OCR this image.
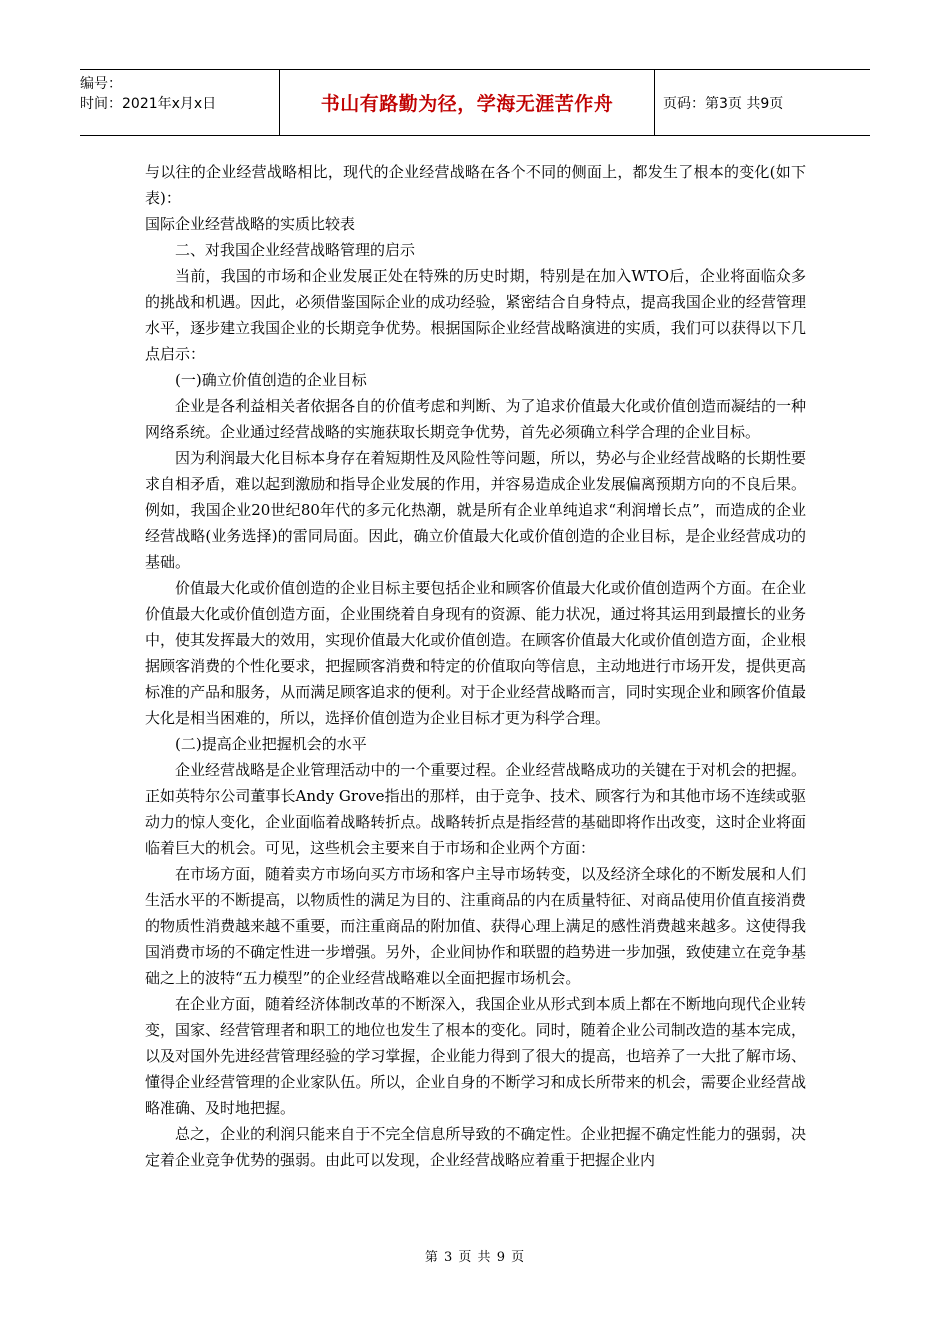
编号：
时间：2021年x月x日	书山有路勤为径，学海无涯苦作舟	页码：第3页 共9页

与以往的企业经营战略相比，现代的企业经营战略在各个不同的侧面上，都发生了根本的变化(如下表)：

国际企业经营战略的实质比较表

二、对我国企业经营战略管理的启示

当前，我国的市场和企业发展正处在特殊的历史时期，特别是在加入WTO后，企业将面临众多的挑战和机遇。因此，必须借鉴国际企业的成功经验，紧密结合自身特点，提高我国企业的经营管理水平，逐步建立我国企业的长期竞争优势。根据国际企业经营战略演进的实质，我们可以获得以下几点启示：

(一)确立价值创造的企业目标

企业是各利益相关者依据各自的价值考虑和判断、为了追求价值最大化或价值创造而凝结的一种网络系统。企业通过经营战略的实施获取长期竞争优势，首先必须确立科学合理的企业目标。

因为利润最大化目标本身存在着短期性及风险性等问题，所以，势必与企业经营战略的长期性要求自相矛盾，难以起到激励和指导企业发展的作用，并容易造成企业发展偏离预期方向的不良后果。例如，我国企业20世纪80年代的多元化热潮，就是所有企业单纯追求“利润增长点”，而造成的企业经营战略(业务选择)的雷同局面。因此，确立价值最大化或价值创造的企业目标，是企业经营成功的基础。

价值最大化或价值创造的企业目标主要包括企业和顾客价值最大化或价值创造两个方面。在企业价值最大化或价值创造方面，企业围绕着自身现有的资源、能力状况，通过将其运用到最擅长的业务中，使其发挥最大的效用，实现价值最大化或价值创造。在顾客价值最大化或价值创造方面，企业根据顾客消费的个性化要求，把握顾客消费和特定的价值取向等信息，主动地进行市场开发，提供更高标准的产品和服务，从而满足顾客追求的便利。对于企业经营战略而言，同时实现企业和顾客价值最大化是相当困难的，所以，选择价值创造为企业目标才更为科学合理。

(二)提高企业把握机会的水平

企业经营战略是企业管理活动中的一个重要过程。企业经营战略成功的关键在于对机会的把握。正如英特尔公司董事长Andy Grove指出的那样，由于竞争、技术、顾客行为和其他市场不连续或驱动力的惊人变化，企业面临着战略转折点。战略转折点是指经营的基础即将作出改变，这时企业将面临着巨大的机会。可见，这些机会主要来自于市场和企业两个方面：

在市场方面，随着卖方市场向买方市场和客户主导市场转变，以及经济全球化的不断发展和人们生活水平的不断提高，以物质性的满足为目的、注重商品的内在质量特征、对商品使用价值直接消费的物质性消费越来越不重要，而注重商品的附加值、获得心理上满足的感性消费越来越多。这使得我国消费市场的不确定性进一步增强。另外，企业间协作和联盟的趋势进一步加强，致使建立在竞争基础之上的波特“五力模型”的企业经营战略难以全面把握市场机会。

在企业方面，随着经济体制改革的不断深入，我国企业从形式到本质上都在不断地向现代企业转变，国家、经营管理者和职工的地位也发生了根本的变化。同时，随着企业公司制改造的基本完成，以及对国外先进经营管理经验的学习掌握，企业能力得到了很大的提高，也培养了一大批了解市场、懂得企业经营管理的企业家队伍。所以，企业自身的不断学习和成长所带来的机会，需要企业经营战略准确、及时地把握。

总之，企业的利润只能来自于不完全信息所导致的不确定性。企业把握不确定性能力的强弱，决定着企业竞争优势的强弱。由此可以发现，企业经营战略应着重于把握企业内

第 3 页 共 9 页
